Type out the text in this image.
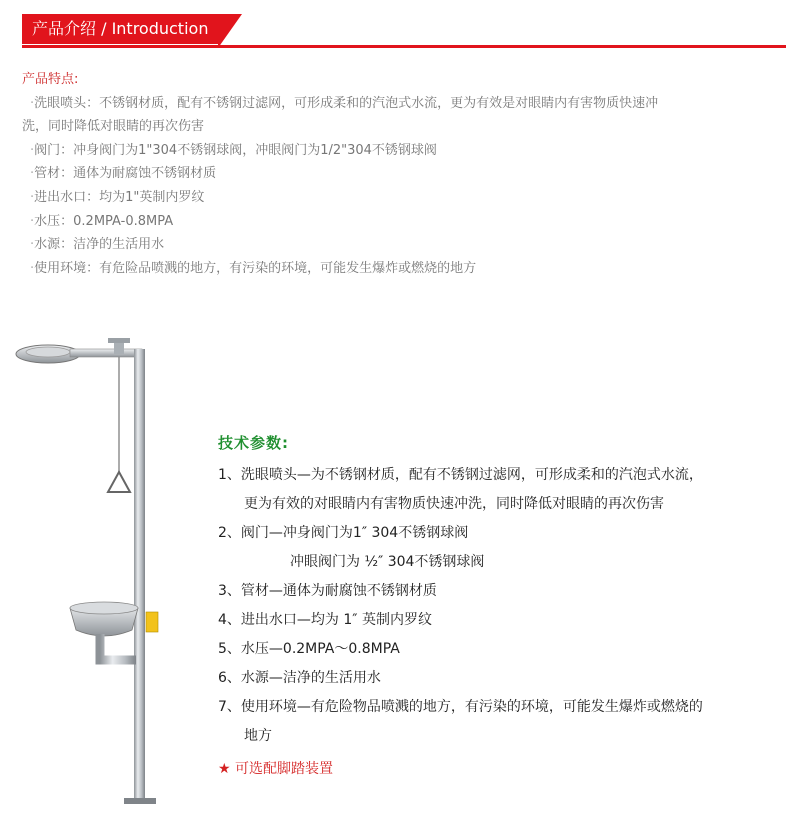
产品介绍 / Introduction
产品特点:
·洗眼喷头：不锈钢材质，配有不锈钢过滤网，可形成柔和的汽泡式水流，更为有效是对眼睛内有害物质快速冲
洗，同时降低对眼睛的再次伤害
·阀门：冲身阀门为1"304不锈钢球阀，冲眼阀门为1/2"304不锈钢球阀
·管材：通体为耐腐蚀不锈钢材质
·进出水口：均为1"英制内罗纹
·水压：0.2MPA-0.8MPA
·水源：洁净的生活用水
·使用环境：有危险品喷溅的地方，有污染的环境，可能发生爆炸或燃烧的地方
技术参数:
1、洗眼喷头—为不锈钢材质，配有不锈钢过滤网，可形成柔和的汽泡式水流，
更为有效的对眼睛内有害物质快速冲洗，同时降低对眼睛的再次伤害
2、阀门—冲身阀门为1″ 304不锈钢球阀
冲眼阀门为 ½″ 304不锈钢球阀
3、管材—通体为耐腐蚀不锈钢材质
4、进出水口—均为 1″ 英制内罗纹
5、水压—0.2MPA～0.8MPA
6、水源—洁净的生活用水
7、使用环境—有危险物品喷溅的地方，有污染的环境，可能发生爆炸或燃烧的
地方
★ 可选配脚踏装置
